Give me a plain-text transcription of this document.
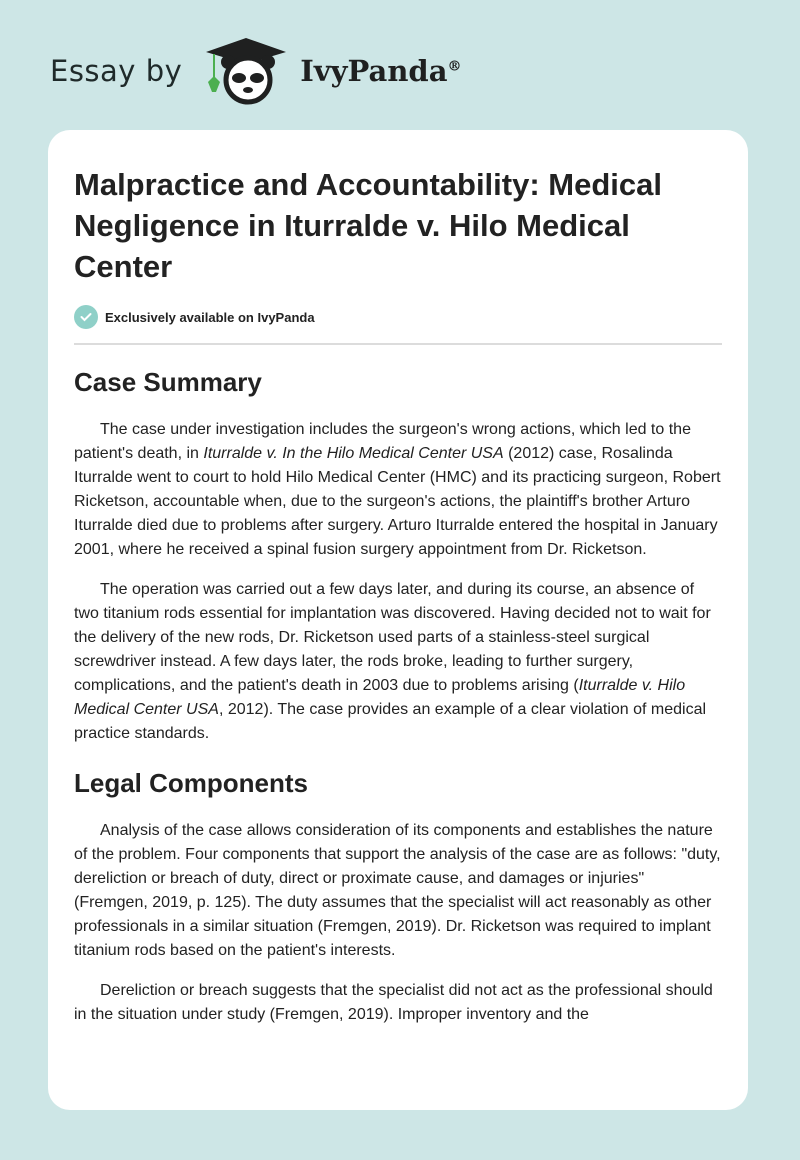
Essay by	IvyPanda®
Malpractice and Accountability: Medical Negligence in Iturralde v. Hilo Medical Center
Exclusively available on IvyPanda
Case Summary

The case under investigation includes the surgeon's wrong actions, which led to the patient's death, in Iturralde v. In the Hilo Medical Center USA (2012) case, Rosalinda Iturralde went to court to hold Hilo Medical Center (HMC) and its practicing surgeon, Robert Ricketson, accountable when, due to the surgeon's actions, the plaintiff's brother Arturo Iturralde died due to problems after surgery. Arturo Iturralde entered the hospital in January 2001, where he received a spinal fusion surgery appointment from Dr. Ricketson.

The operation was carried out a few days later, and during its course, an absence of two titanium rods essential for implantation was discovered. Having decided not to wait for the delivery of the new rods, Dr. Ricketson used parts of a stainless-steel surgical screwdriver instead. A few days later, the rods broke, leading to further surgery, complications, and the patient's death in 2003 due to problems arising (Iturralde v. Hilo Medical Center USA, 2012). The case provides an example of a clear violation of medical practice standards.

Legal Components

Analysis of the case allows consideration of its components and establishes the nature of the problem. Four components that support the analysis of the case are as follows: "duty, dereliction or breach of duty, direct or proximate cause, and damages or injuries" (Fremgen, 2019, p. 125). The duty assumes that the specialist will act reasonably as other professionals in a similar situation (Fremgen, 2019). Dr. Ricketson was required to implant titanium rods based on the patient's interests.

Dereliction or breach suggests that the specialist did not act as the professional should in the situation under study (Fremgen, 2019). Improper inventory and the
